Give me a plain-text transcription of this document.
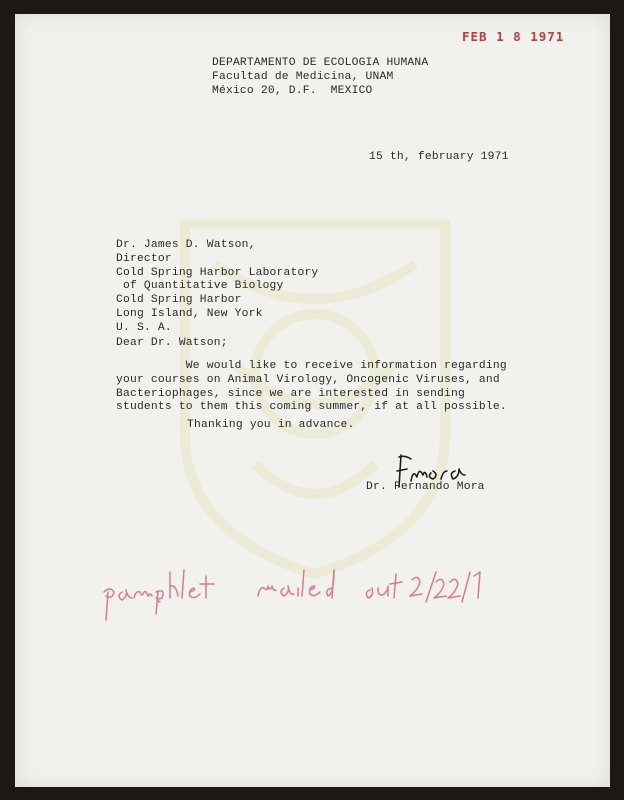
FEB 1 8 1971
DEPARTAMENTO DE ECOLOGIA HUMANA
Facultad de Medicina, UNAM
México 20, D.F.  MEXICO
15 th, february 1971
Dr. James D. Watson,
Director
Cold Spring Harbor Laboratory
of Quantitative Biology
Cold Spring Harbor
Long Island, New York
U. S. A.
Dear Dr. Watson;
We would like to receive information regarding
your courses on Animal Virology, Oncogenic Viruses, and
Bacteriophages, since we are interested in sending
students to them this coming summer, if at all possible.
Thanking you in advance.
Dr. Fernando Mora
